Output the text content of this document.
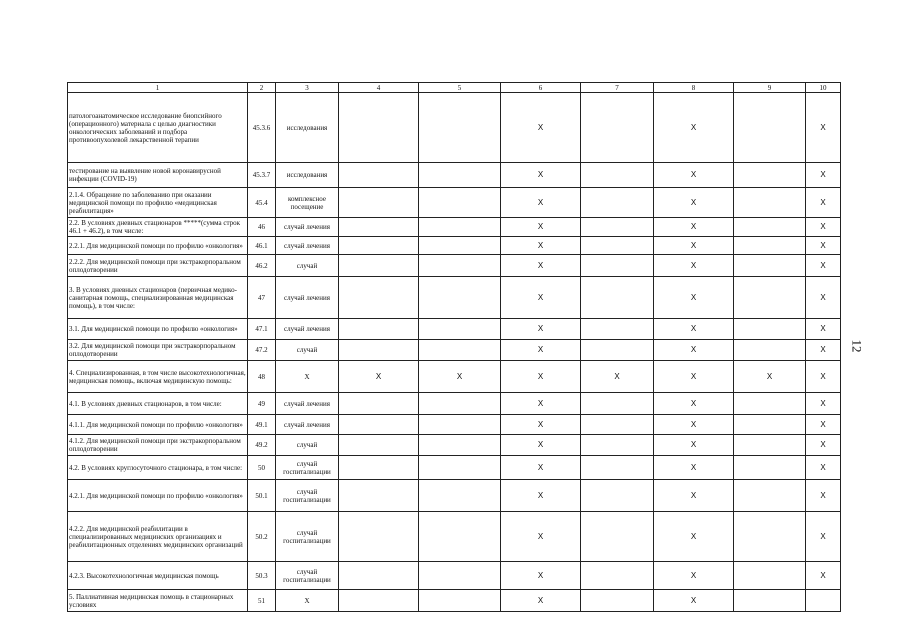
1	2	3	4	5	6	7	8	9	10
патологоанатомическое исследование биопсийного (операционного) материала с целью диагностики онкологических заболеваний и подбора противоопухолевой лекарственной терапии	45.3.6	исследования			X		X		X
тестирование на выявление новой коронавирусной инфекции (COVID-19)	45.3.7	исследования			X		X		X
2.1.4. Обращение по заболеванию при оказании медицинской помощи по профилю «медицинская реабилитация»	45.4	комплексное посещение			X		X		X
2.2. В условиях дневных стационаров *****(сумма строк 46.1 + 46.2), в том числе:	46	случай лечения			X		X		X
2.2.1. Для медицинской помощи по профилю «онкология»	46.1	случай лечения			X		X		X
2.2.2. Для медицинской помощи при экстракорпоральном оплодотворении	46.2	случай			X		X		X
3. В условиях дневных стационаров (первичная медико-санитарная помощь, специализированная медицинская помощь), в том числе:	47	случай лечения			X		X		X
3.1. Для медицинской помощи по профилю «онкология»	47.1	случай лечения			X		X		X
3.2. Для медицинской помощи при экстракорпоральном оплодотворении	47.2	случай			X		X		X
4. Специализированная, в том числе высокотехнологичная, медицинская помощь, включая медицинскую помощь:	48	X	X	X	X	X	X	X	X
4.1. В условиях дневных стационаров, в том числе:	49	случай лечения			X		X		X
4.1.1. Для медицинской помощи по профилю «онкология»	49.1	случай лечения			X		X		X
4.1.2. Для медицинской помощи при экстракорпоральном оплодотворении	49.2	случай			X		X		X
4.2. В условиях круглосуточного стационара, в том числе:	50	случай госпитализации			X		X		X
4.2.1. Для медицинской помощи по профилю «онкология»	50.1	случай госпитализации			X		X		X
4.2.2. Для медицинской реабилитации в специализированных медицинских организациях и реабилитационных отделениях медицинских организаций	50.2	случай госпитализации			X		X		X
4.2.3. Высокотехнологичная медицинская помощь	50.3	случай госпитализации			X		X		X
5. Паллиативная медицинская помощь в стационарных условиях	51	X			X		X		
12
